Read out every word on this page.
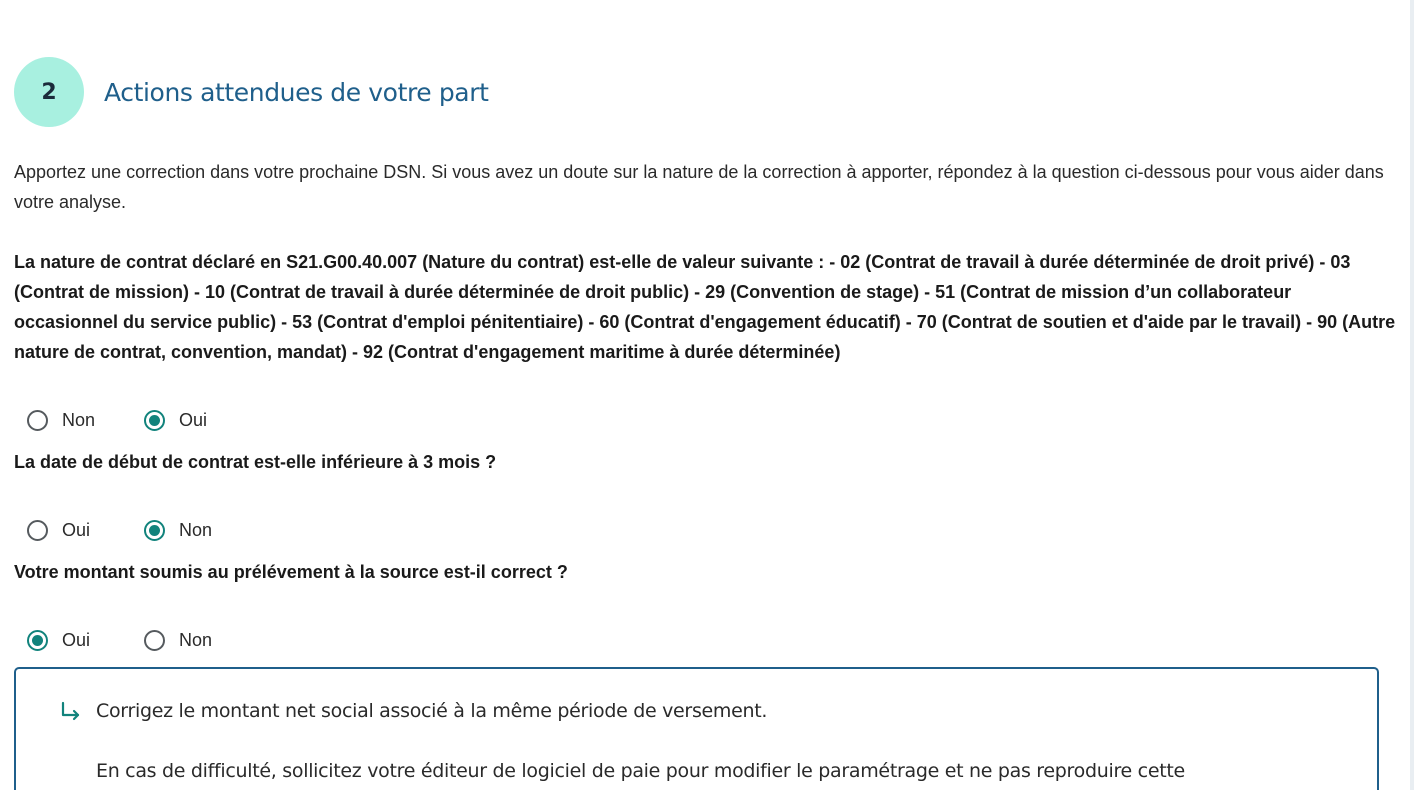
2	Actions attendues de votre part
Apportez une correction dans votre prochaine DSN. Si vous avez un doute sur la nature de la correction à apporter, répondez à la question ci-dessous pour vous aider dans votre analyse.
La nature de contrat déclaré en S21.G00.40.007 (Nature du contrat) est-elle de valeur suivante : - 02 (Contrat de travail à durée déterminée de droit privé) - 03 (Contrat de mission) - 10 (Contrat de travail à durée déterminée de droit public) - 29 (Convention de stage) - 51 (Contrat de mission d’un collaborateur occasionnel du service public) - 53 (Contrat d'emploi pénitentiaire) - 60 (Contrat d'engagement éducatif) - 70 (Contrat de soutien et d'aide par le travail) - 90 (Autre nature de contrat, convention, mandat) - 92 (Contrat d'engagement maritime à durée déterminée)
Non	Oui
La date de début de contrat est-elle inférieure à 3 mois ?
Oui	Non
Votre montant soumis au prélévement à la source est-il correct ?
Oui	Non
Corrigez le montant net social associé à la même période de versement.
En cas de difficulté, sollicitez votre éditeur de logiciel de paie pour modifier le paramétrage et ne pas reproduire cette
